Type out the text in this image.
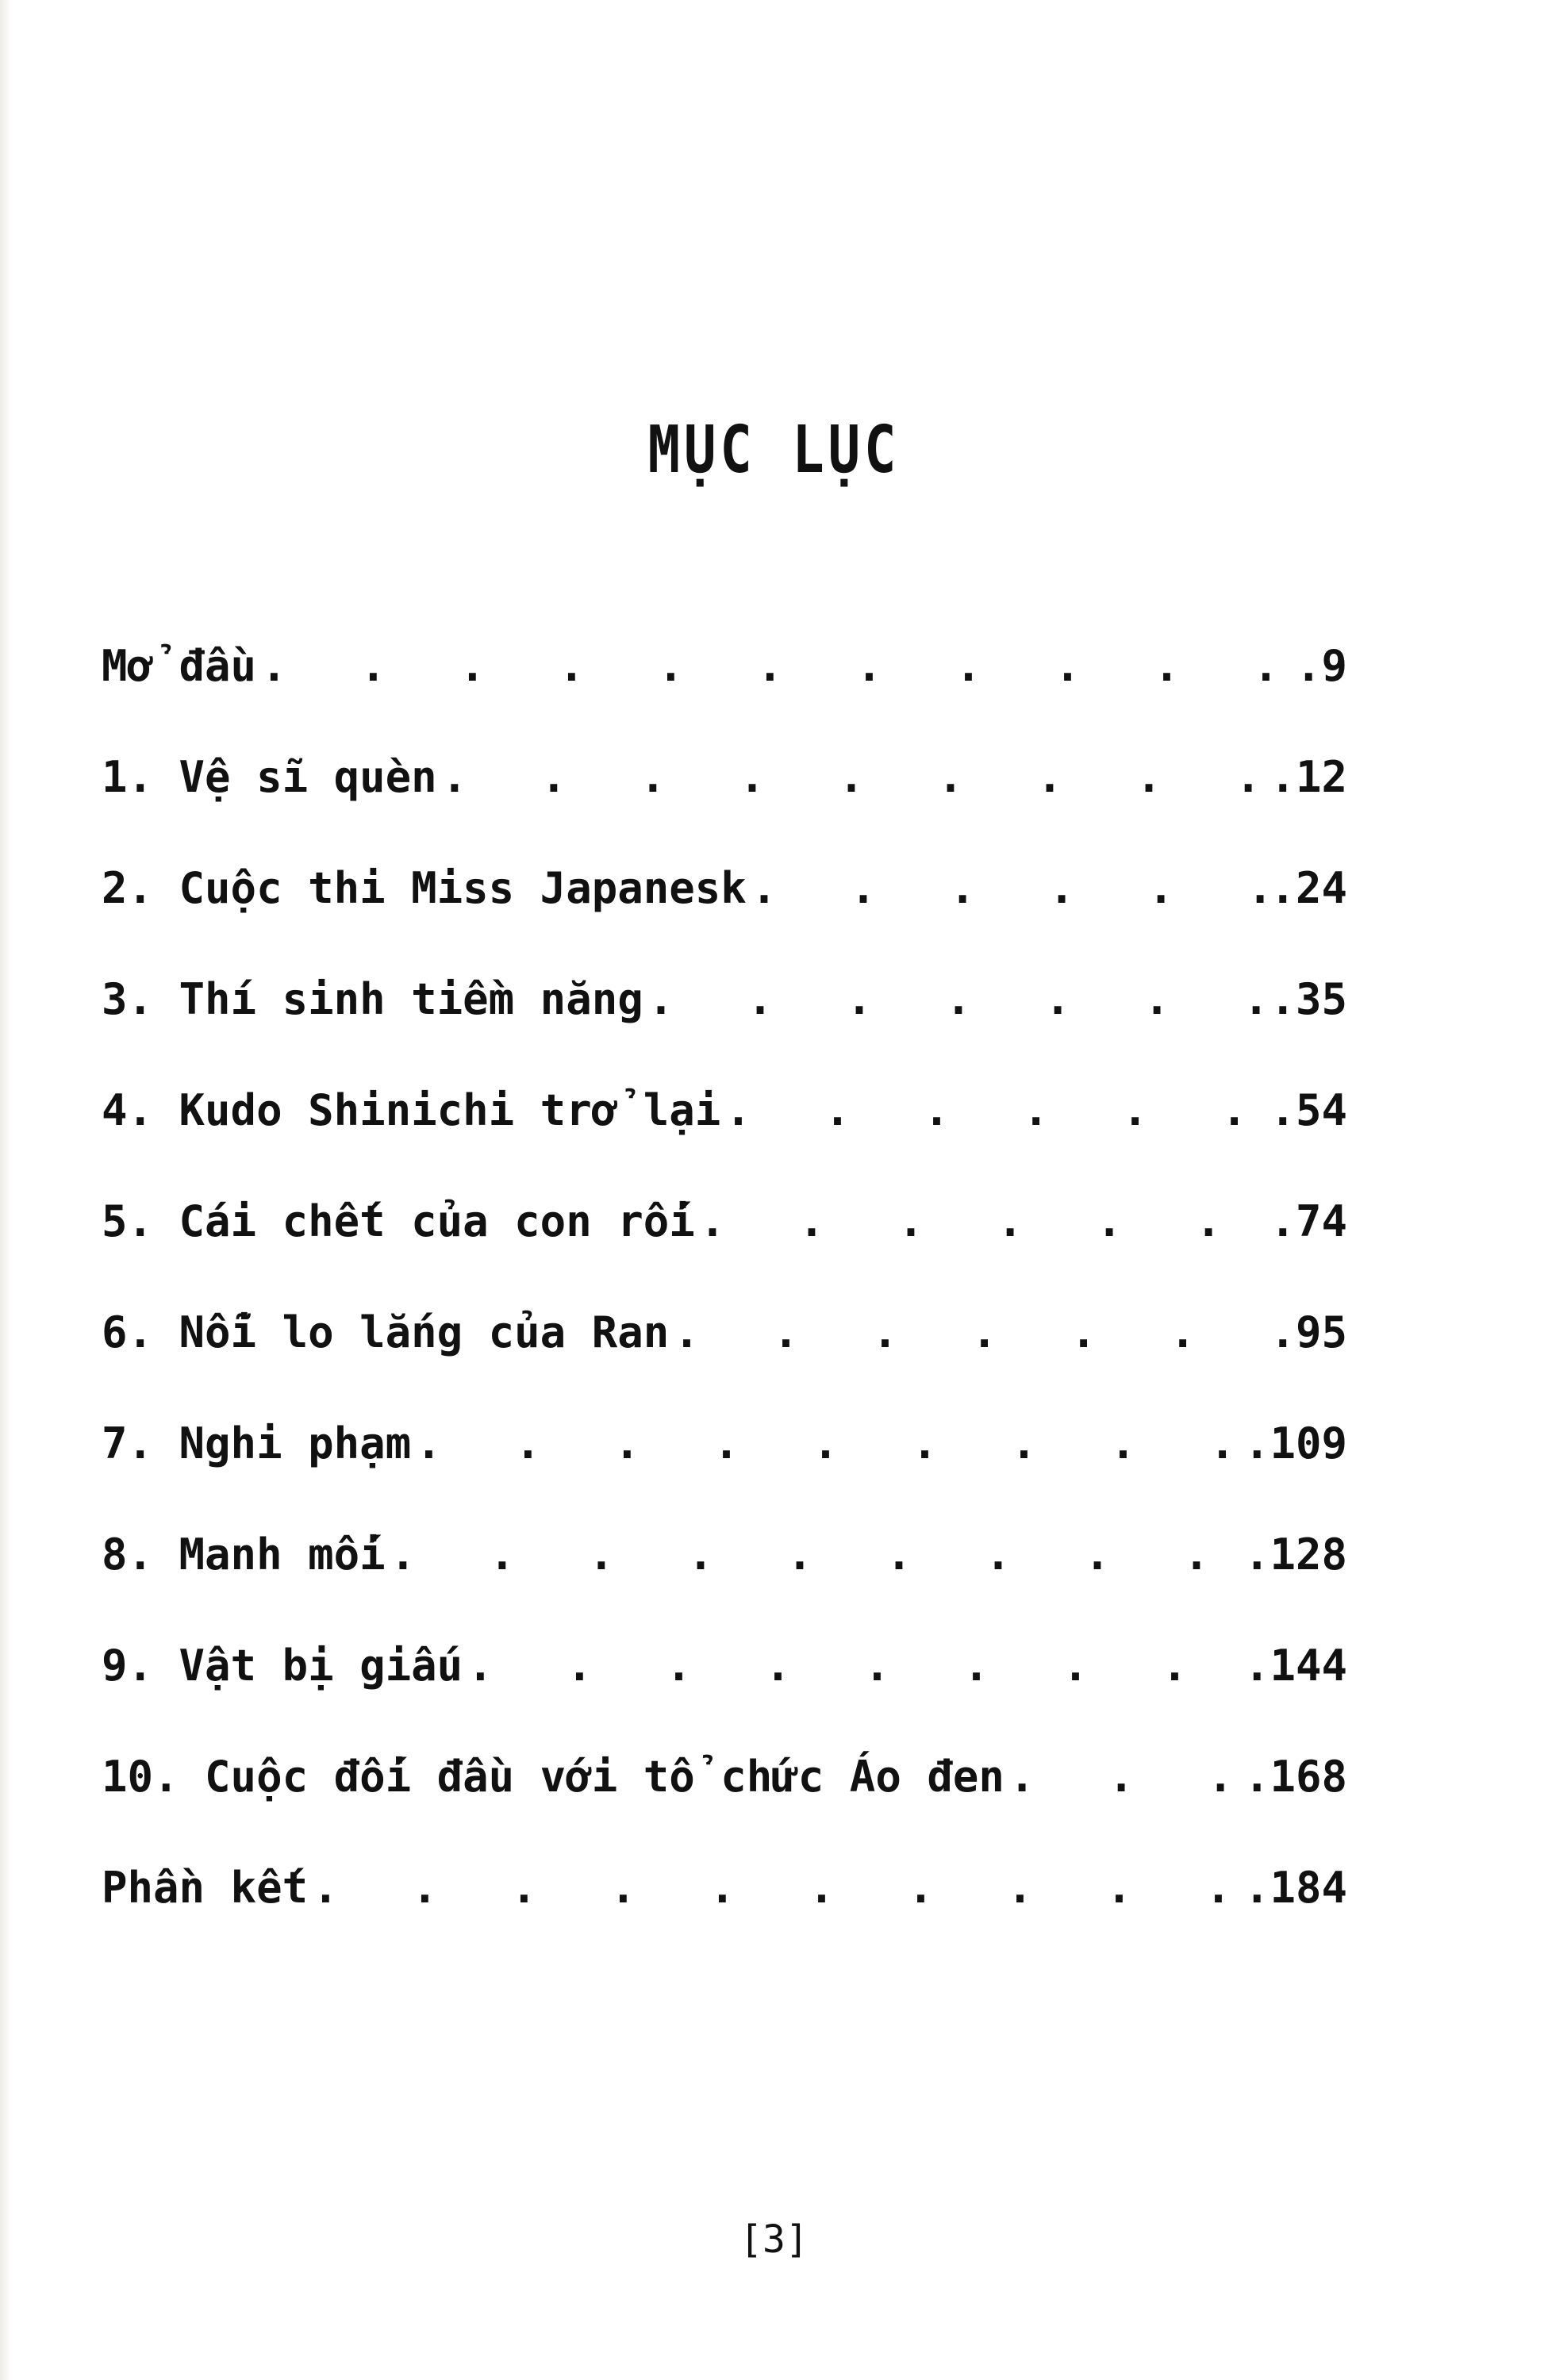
MỤC LỤC
Mở đầu . . .	.9
1. Vệ sĩ quèn . . .	.12
2. Cuộc thi Miss Japanesk . . .	.24
3. Thí sinh tiềm năng . . .	.35
4. Kudo Shinichi trở lại . . .	.54
5. Cái chết của con rối . . .	.74
6. Nỗi lo lắng của Ran . . .	.95
7. Nghi phạm . . .	.109
8. Manh mối . . .	.128
9. Vật bị giấu . . .	.144
10. Cuộc đối đầu với tổ chức Áo đen . . .	.168
Phần kết . . .	.184

[3]
